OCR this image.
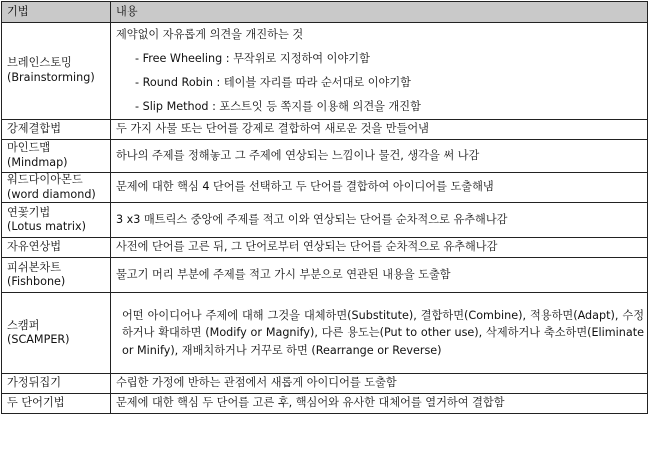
기법	내용

브레인스토밍
(Brainstorming)	제약없이 자유롭게 의견을 개진하는 것
- Free Wheeling : 무작위로 지정하여 이야기함
- Round Robin : 테이블 자리를 따라 순서대로 이야기함
- Slip Method : 포스트잇 등 쪽지를 이용해 의견을 개진함

강제결합법	두 가지 사물 또는 단어를 강제로 결합하여 새로운 것을 만들어냄

마인드맵
(Mindmap)	하나의 주제를 정해놓고 그 주제에 연상되는 느낌이나 물건, 생각을 써 나감

워드다이아몬드
(word diamond)	문제에 대한 핵심 4 단어를 선택하고 두 단어를 결합하여 아이디어를 도출해냄

연꽃기법
(Lotus matrix)	3 x3 매트릭스 중앙에 주제를 적고 이와 연상되는 단어를 순차적으로 유추해나감

자유연상법	사전에 단어를 고른 뒤, 그 단어로부터 연상되는 단어를 순차적으로 유추해나감

피쉬본차트
(Fishbone)	물고기 머리 부분에 주제를 적고 가시 부분으로 연관된 내용을 도출함

스캠퍼
(SCAMPER)	어떤 아이디어나 주제에 대해 그것을 대체하면(Substitute), 결합하면(Combine), 적용하면(Adapt), 수정하거나 확대하면 (Modify or Magnify), 다른 용도는(Put to other use), 삭제하거나 축소하면(Eliminate or Minify), 재배치하거나 거꾸로 하면 (Rearrange or Reverse)

가정뒤집기	수립한 가정에 반하는 관점에서 새롭게 아이디어를 도출함

두 단어기법	문제에 대한 핵심 두 단어를 고른 후, 핵심어와 유사한 대체어를 열거하여 결합함
